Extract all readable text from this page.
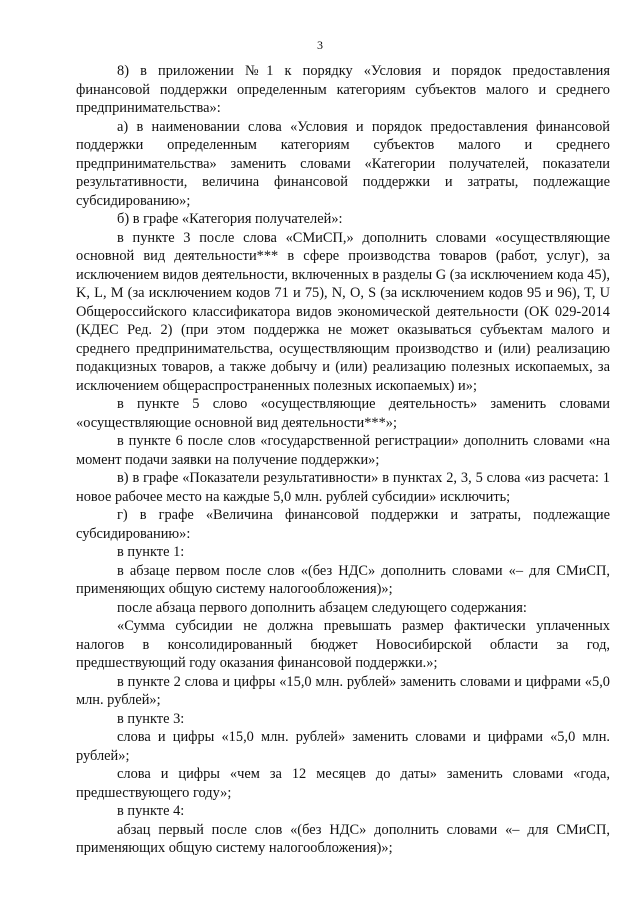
3

8) в приложении №1 к порядку «Условия и порядок предоставления финансовой поддержки определенным категориям субъектов малого и среднего предпринимательства»:

а) в наименовании слова «Условия и порядок предоставления финансовой поддержки определенным категориям субъектов малого и среднего предпринимательства» заменить словами «Категории получателей, показатели результативности, величина финансовой поддержки и затраты, подлежащие субсидированию»;

б) в графе «Категория получателей»:

в пункте 3 после слова «СМиСП,» дополнить словами «осуществляющие основной вид деятельности*** в сфере производства товаров (работ, услуг), за исключением видов деятельности, включенных в разделы G (за исключением кода 45), K, L, M (за исключением кодов 71 и 75), N, O, S (за исключением кодов 95 и 96), T, U Общероссийского классификатора видов экономической деятельности (ОК 029-2014 (КДЕС Ред. 2) (при этом поддержка не может оказываться субъектам малого и среднего предпринимательства, осуществляющим производство и (или) реализацию подакцизных товаров, а также добычу и (или) реализацию полезных ископаемых, за исключением общераспространенных полезных ископаемых) и»;

в пункте 5 слово «осуществляющие деятельность» заменить словами «осуществляющие основной вид деятельности***»;

в пункте 6 после слов «государственной регистрации» дополнить словами «на момент подачи заявки на получение поддержки»;

в) в графе «Показатели результативности» в пунктах 2, 3, 5 слова «из расчета: 1 новое рабочее место на каждые 5,0 млн. рублей субсидии» исключить;

г) в графе «Величина финансовой поддержки и затраты, подлежащие субсидированию»:

в пункте 1:

в абзаце первом после слов «(без НДС» дополнить словами «– для СМиСП, применяющих общую систему налогообложения)»;

после абзаца первого дополнить абзацем следующего содержания:

«Сумма субсидии не должна превышать размер фактически уплаченных налогов в консолидированный бюджет Новосибирской области за год, предшествующий году оказания финансовой поддержки.»;

в пункте 2 слова и цифры «15,0 млн. рублей» заменить словами и цифрами «5,0 млн. рублей»;

в пункте 3:

слова и цифры «15,0 млн. рублей» заменить словами и цифрами «5,0 млн. рублей»;

слова и цифры «чем за 12 месяцев до даты» заменить словами «года, предшествующего году»;

в пункте 4:

абзац первый после слов «(без НДС» дополнить словами «– для СМиСП, применяющих общую систему налогообложения)»;
